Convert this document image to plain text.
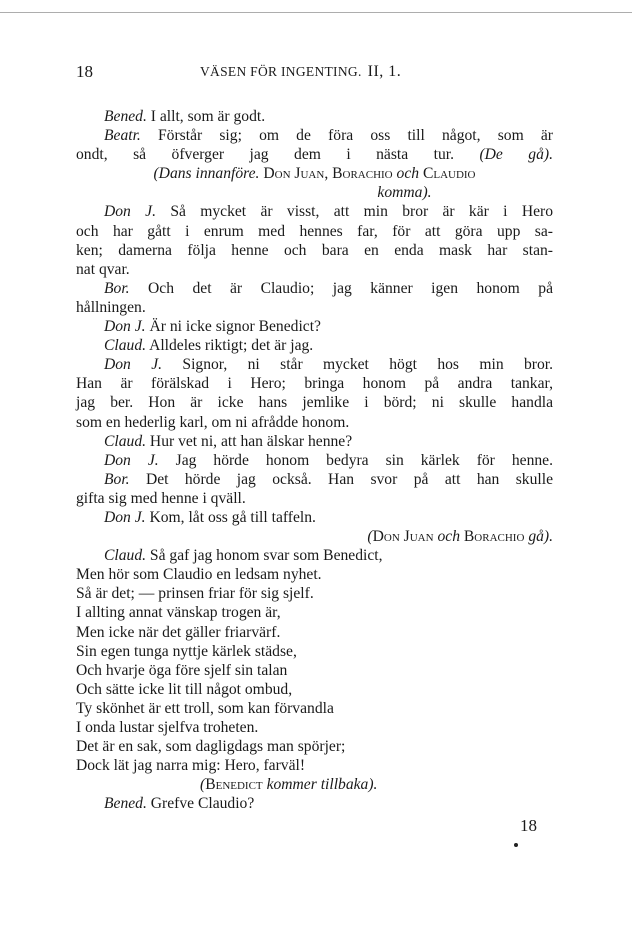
18	VÄSEN FÖR INGENTING. II, 1.
Bened. I allt, som är godt.
Beatr. Förstår sig; om de föra oss till något, som är
ondt, så öfverger jag dem i nästa tur. (De gå).
(Dans innanföre. Don Juan, Borachio och Claudio
komma).
Don J. Så mycket är visst, att min bror är kär i Hero
och har gått i enrum med hennes far, för att göra upp sa-
ken; damerna följa henne och bara en enda mask har stan-
nat qvar.
Bor. Och det är Claudio; jag känner igen honom på
hållningen.
Don J. Är ni icke signor Benedict?
Claud. Alldeles riktigt; det är jag.
Don J. Signor, ni står mycket högt hos min bror.
Han är förälskad i Hero; bringa honom på andra tankar,
jag ber. Hon är icke hans jemlike i börd; ni skulle handla
som en hederlig karl, om ni afrådde honom.
Claud. Hur vet ni, att han älskar henne?
Don J. Jag hörde honom bedyra sin kärlek för henne.
Bor. Det hörde jag också. Han svor på att han skulle
gifta sig med henne i qväll.
Don J. Kom, låt oss gå till taffeln.
(Don Juan och Borachio gå).
Claud. Så gaf jag honom svar som Benedict,
Men hör som Claudio en ledsam nyhet.
Så är det; — prinsen friar för sig sjelf.
I allting annat vänskap trogen är,
Men icke när det gäller friarvärf.
Sin egen tunga nyttje kärlek städse,
Och hvarje öga före sjelf sin talan
Och sätte icke lit till något ombud,
Ty skönhet är ett troll, som kan förvandla
I onda lustar sjelfva troheten.
Det är en sak, som dagligdags man spörjer;
Dock lät jag narra mig: Hero, farväl!
(Benedict kommer tillbaka).
Bened. Grefve Claudio?
18
